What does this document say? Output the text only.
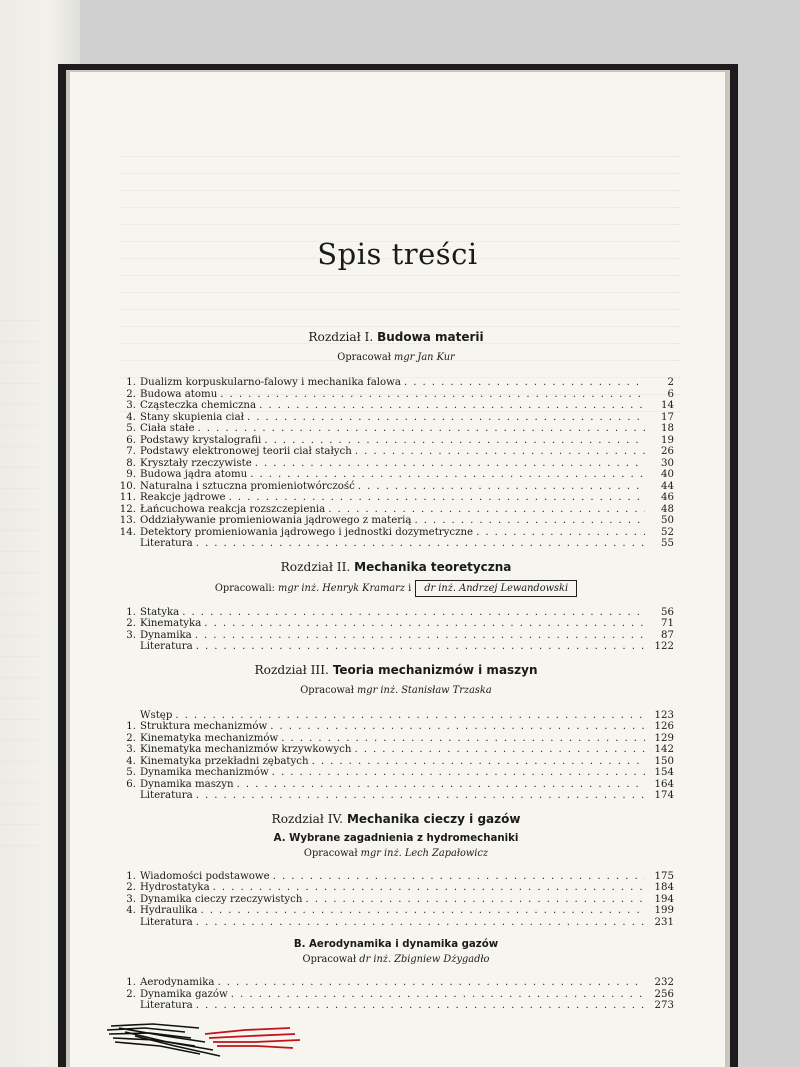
Spis treści
Rozdział I. Budowa materii
Opracował mgr Jan Kur
1. Dualizm korpuskularno-falowy i mechanika falowa . . .	2
2. Budowa atomu . . .	6
3. Cząsteczka chemiczna . . .	14
4. Stany skupienia ciał . . .	17
5. Ciała stałe . . .	18
6. Podstawy krystalografii . . .	19
7. Podstawy elektronowej teorii ciał stałych . . .	26
8. Kryształy rzeczywiste . . .	30
9. Budowa jądra atomu . . .	40
10. Naturalna i sztuczna promieniotwórczość . . .	44
11. Reakcje jądrowe . . .	46
12. Łańcuchowa reakcja rozszczepienia . . .	48
13. Oddziaływanie promieniowania jądrowego z materią . . .	50
14. Detektory promieniowania jądrowego i jednostki dozymetryczne . . .	52
Literatura . . .	55
Rozdział II. Mechanika teoretyczna
Opracowali: mgr inż. Henryk Kramarz i dr inż. Andrzej Lewandowski
1. Statyka . . .	56
2. Kinematyka . . .	71
3. Dynamika . . .	87
Literatura . . .	122
Rozdział III. Teoria mechanizmów i maszyn
Opracował mgr inż. Stanisław Trzaska
Wstęp . . .	123
1. Struktura mechanizmów . . .	126
2. Kinematyka mechanizmów . . .	129
3. Kinematyka mechanizmów krzywkowych . . .	142
4. Kinematyka przekładni zębatych . . .	150
5. Dynamika mechanizmów . . .	154
6. Dynamika maszyn . . .	164
Literatura . . .	174
Rozdział IV. Mechanika cieczy i gazów
A. Wybrane zagadnienia z hydromechaniki
Opracował mgr inż. Lech Zapałowicz
1. Wiadomości podstawowe . . .	175
2. Hydrostatyka . . .	184
3. Dynamika cieczy rzeczywistych . . .	194
4. Hydraulika . . .	199
Literatura . . .	231
B. Aerodynamika i dynamika gazów
Opracował dr inż. Zbigniew Dżygadło
1. Aerodynamika . . .	232
2. Dynamika gazów . . .	256
Literatura . . .	273
